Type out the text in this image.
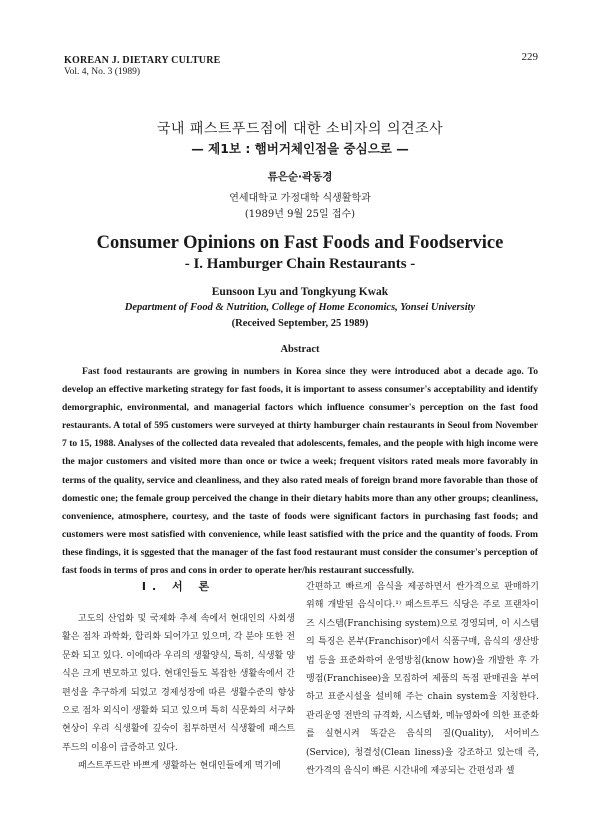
KOREAN J. DIETARY CULTURE
Vol. 4, No. 3 (1989)
229
국내 패스트푸드점에 대한 소비자의 의견조사
— 제1보 : 햄버거체인점을 중심으로 —
류은순·곽동경
연세대학교 가정대학 식생활학과
(1989년 9월 25일 접수)
Consumer Opinions on Fast Foods and Foodservice
- I. Hamburger Chain Restaurants -
Eunsoon Lyu and Tongkyung Kwak
Department of Food & Nutrition, College of Home Economics, Yonsei University
(Received September, 25 1989)
Abstract
Fast food restaurants are growing in numbers in Korea since they were introduced abot a decade ago. To develop an effective marketing strategy for fast foods, it is important to assess consumer's acceptability and identify demorgraphic, environmental, and managerial factors which influence consumer's perception on the fast food restaurants. A total of 595 customers were surveyed at thirty hamburger chain restaurants in Seoul from November 7 to 15, 1988. Analyses of the collected data revealed that adolescents, females, and the people with high income were the major customers and visited more than once or twice a week; frequent visitors rated meals more favorably in terms of the quality, service and cleanliness, and they also rated meals of foreign brand more favorable than those of domestic one; the female group perceived the change in their dietary habits more than any other groups; cleanliness, convenience, atmosphere, courtesy, and the taste of foods were significant factors in purchasing fast foods; and customers were most satisfied with convenience, while least satisfied with the price and the quantity of foods. From these findings, it is sggested that the manager of the fast food restaurant must consider the consumer's perception of fast foods in terms of pros and cons in order to operate her/his restaurant successfully.
I. 서 론

고도의 산업화 및 국제화 추세 속에서 현대인의 사회생활은 점차 과학화, 합리화 되어가고 있으며, 각 분야 또한 전문화 되고 있다. 이에따라 우리의 생활양식, 특히, 식생활 양식은 크게 변모하고 있다. 현대인들도 복잡한 생활속에서 간편성을 추구하게 되었고 경제성장에 따른 생활수준의 향상으로 점차 외식이 생활화 되고 있으며 특히 식문화의 서구화현상이 우리 식생활에 깊숙이 침투하면서 식생활에 패스트푸드의 이용이 급증하고 있다.

패스트푸드란 바쁘게 생활하는 현대인들에게 먹기에

간편하고 빠르게 음식을 제공하면서 싼가격으로 판매하기 위해 개발된 음식이다.¹⁾ 패스트푸드 식당은 주로 프랜차이즈 시스템(Franchising system)으로 경영되며, 이 시스템의 특징은 본부(Franchisor)에서 식품구매, 음식의 생산방법 등을 표준화하여 운영방침(know how)을 개발한 후 가맹점(Franchisee)을 모집하여 제품의 독점 판매권을 부여하고 표준시설을 설비해 주는 chain system을 지칭한다. 관리운영 전반의 규격화, 시스템화, 메뉴영화에 의한 표준화를 실현시켜 똑같은 음식의 질(Quality), 서어비스(Service), 청결성(Clean liness)을 강조하고 있는데 즉, 싼가격의 음식이 빠른 시간내에 제공되는 간편성과 셀
